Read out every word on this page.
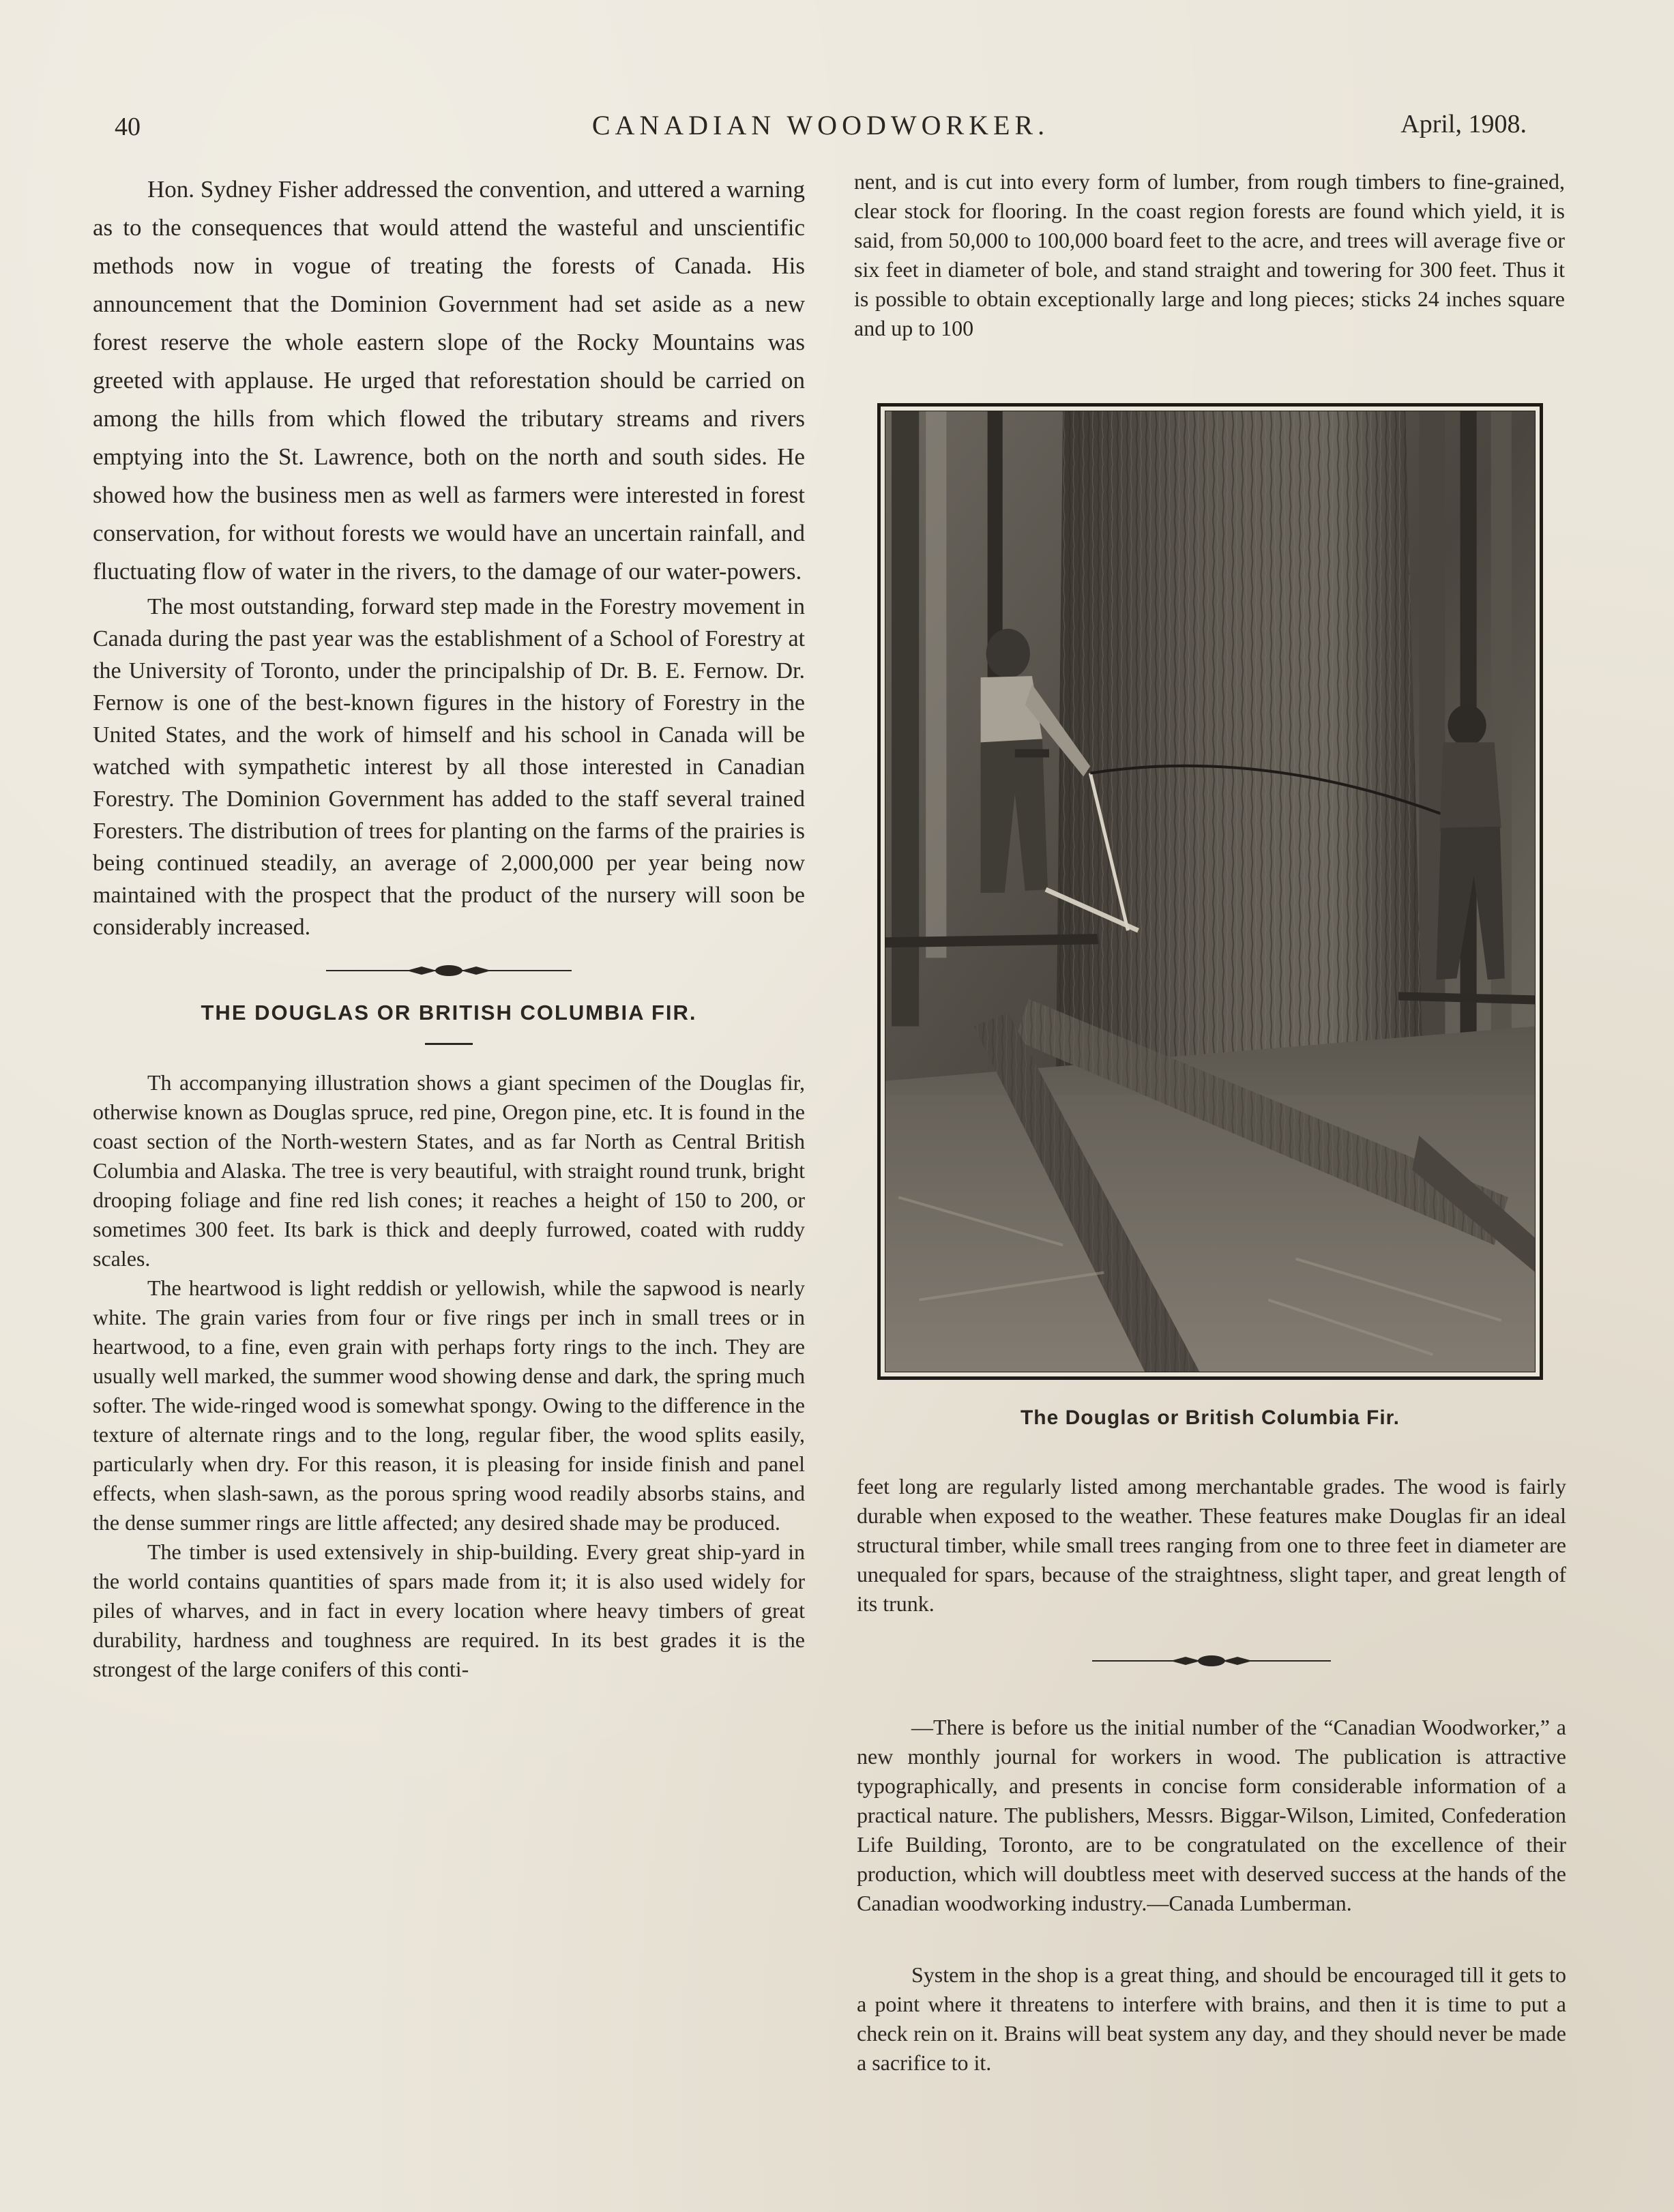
40	CANADIAN WOODWORKER.	April, 1908.

Hon. Sydney Fisher addressed the convention, and uttered a warning as to the consequences that would attend the wasteful and unscientific methods now in vogue of treating the forests of Canada. His announcement that the Dominion Government had set aside as a new forest reserve the whole eastern slope of the Rocky Mountains was greeted with applause. He urged that reforestation should be carried on among the hills from which flowed the tributary streams and rivers emptying into the St. Lawrence, both on the north and south sides. He showed how the business men as well as farmers were interested in forest conservation, for without forests we would have an uncertain rainfall, and fluctuating flow of water in the rivers, to the damage of our water-powers.

The most outstanding, forward step made in the Forestry movement in Canada during the past year was the establishment of a School of Forestry at the University of Toronto, under the principalship of Dr. B. E. Fernow. Dr. Fernow is one of the best-known figures in the history of Forestry in the United States, and the work of himself and his school in Canada will be watched with sympathetic interest by all those interested in Canadian Forestry. The Dominion Government has added to the staff several trained Foresters. The distribution of trees for planting on the farms of the prairies is being continued steadily, an average of 2,000,000 per year being now maintained with the prospect that the product of the nursery will soon be considerably increased.

THE DOUGLAS OR BRITISH COLUMBIA FIR.

Th accompanying illustration shows a giant specimen of the Douglas fir, otherwise known as Douglas spruce, red pine, Oregon pine, etc. It is found in the coast section of the North-western States, and as far North as Central British Columbia and Alaska. The tree is very beautiful, with straight round trunk, bright drooping foliage and fine red lish cones; it reaches a height of 150 to 200, or sometimes 300 feet. Its bark is thick and deeply furrowed, coated with ruddy scales.

The heartwood is light reddish or yellowish, while the sapwood is nearly white. The grain varies from four or five rings per inch in small trees or in heartwood, to a fine, even grain with perhaps forty rings to the inch. They are usually well marked, the summer wood showing dense and dark, the spring much softer. The wide-ringed wood is somewhat spongy. Owing to the difference in the texture of alternate rings and to the long, regular fiber, the wood splits easily, particularly when dry. For this reason, it is pleasing for inside finish and panel effects, when slash-sawn, as the porous spring wood readily absorbs stains, and the dense summer rings are little affected; any desired shade may be produced.

The timber is used extensively in ship-building. Every great ship-yard in the world contains quantities of spars made from it; it is also used widely for piles of wharves, and in fact in every location where heavy timbers of great durability, hardness and toughness are required. In its best grades it is the strongest of the large conifers of this conti-

nent, and is cut into every form of lumber, from rough timbers to fine-grained, clear stock for flooring. In the coast region forests are found which yield, it is said, from 50,000 to 100,000 board feet to the acre, and trees will average five or six feet in diameter of bole, and stand straight and towering for 300 feet. Thus it is possible to obtain exceptionally large and long pieces; sticks 24 inches square and up to 100

The Douglas or British Columbia Fir.

feet long are regularly listed among merchantable grades. The wood is fairly durable when exposed to the weather. These features make Douglas fir an ideal structural timber, while small trees ranging from one to three feet in diameter are unequaled for spars, because of the straightness, slight taper, and great length of its trunk.

—There is before us the initial number of the “Canadian Woodworker,” a new monthly journal for workers in wood. The publication is attractive typographically, and presents in concise form considerable information of a practical nature. The publishers, Messrs. Biggar-Wilson, Limited, Confederation Life Building, Toronto, are to be congratulated on the excellence of their production, which will doubtless meet with deserved success at the hands of the Canadian woodworking industry.—Canada Lumberman.

System in the shop is a great thing, and should be encouraged till it gets to a point where it threatens to interfere with brains, and then it is time to put a check rein on it. Brains will beat system any day, and they should never be made a sacrifice to it.
